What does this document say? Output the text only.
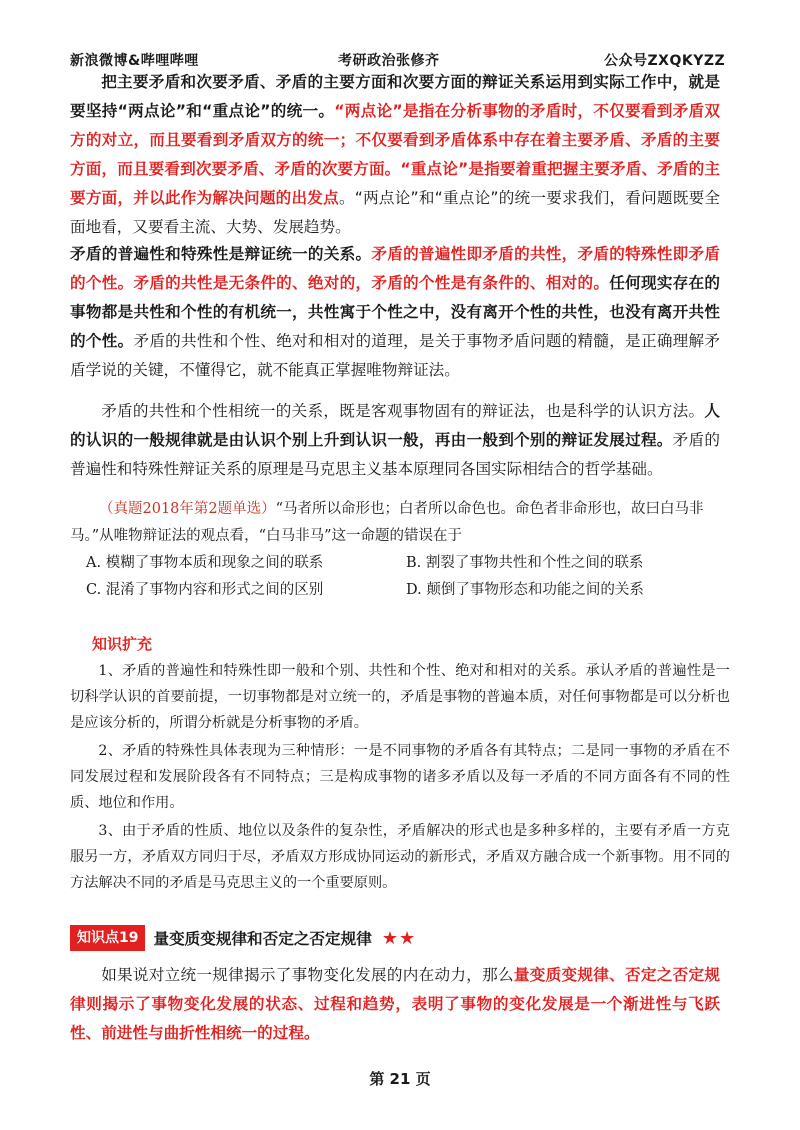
新浪微博&哔哩哔哩	考研政治张修齐	公众号ZXQKYZZ
把主要矛盾和次要矛盾、矛盾的主要方面和次要方面的辩证关系运用到实际工作中，就是要坚持“两点论”和“重点论”的统一。“两点论”是指在分析事物的矛盾时，不仅要看到矛盾双方的对立，而且要看到矛盾双方的统一；不仅要看到矛盾体系中存在着主要矛盾、矛盾的主要方面，而且要看到次要矛盾、矛盾的次要方面。“重点论”是指要着重把握主要矛盾、矛盾的主要方面，并以此作为解决问题的出发点。“两点论”和“重点论”的统一要求我们，看问题既要全面地看，又要看主流、大势、发展趋势。
矛盾的普遍性和特殊性是辩证统一的关系。矛盾的普遍性即矛盾的共性，矛盾的特殊性即矛盾的个性。矛盾的共性是无条件的、绝对的，矛盾的个性是有条件的、相对的。任何现实存在的事物都是共性和个性的有机统一，共性寓于个性之中，没有离开个性的共性，也没有离开共性的个性。矛盾的共性和个性、绝对和相对的道理，是关于事物矛盾问题的精髓，是正确理解矛盾学说的关键，不懂得它，就不能真正掌握唯物辩证法。
矛盾的共性和个性相统一的关系，既是客观事物固有的辩证法，也是科学的认识方法。人的认识的一般规律就是由认识个别上升到认识一般，再由一般到个别的辩证发展过程。矛盾的普遍性和特殊性辩证关系的原理是马克思主义基本原理同各国实际相结合的哲学基础。
（真题2018年第2题单选）“马者所以命形也；白者所以命色也。命色者非命形也，故曰白马非马。”从唯物辩证法的观点看，“白马非马”这一命题的错误在于
A. 模糊了事物本质和现象之间的联系	B. 割裂了事物共性和个性之间的联系
C. 混淆了事物内容和形式之间的区别	D. 颠倒了事物形态和功能之间的关系
知识扩充
1、矛盾的普遍性和特殊性即一般和个别、共性和个性、绝对和相对的关系。承认矛盾的普遍性是一切科学认识的首要前提，一切事物都是对立统一的，矛盾是事物的普遍本质，对任何事物都是可以分析也是应该分析的，所谓分析就是分析事物的矛盾。
2、矛盾的特殊性具体表现为三种情形：一是不同事物的矛盾各有其特点；二是同一事物的矛盾在不同发展过程和发展阶段各有不同特点；三是构成事物的诸多矛盾以及每一矛盾的不同方面各有不同的性质、地位和作用。
3、由于矛盾的性质、地位以及条件的复杂性，矛盾解决的形式也是多种多样的，主要有矛盾一方克服另一方，矛盾双方同归于尽，矛盾双方形成协同运动的新形式，矛盾双方融合成一个新事物。用不同的方法解决不同的矛盾是马克思主义的一个重要原则。
知识点19 量变质变规律和否定之否定规律 ★★
如果说对立统一规律揭示了事物变化发展的内在动力，那么量变质变规律、否定之否定规律则揭示了事物变化发展的状态、过程和趋势，表明了事物的变化发展是一个渐进性与飞跃性、前进性与曲折性相统一的过程。
第 21 页
